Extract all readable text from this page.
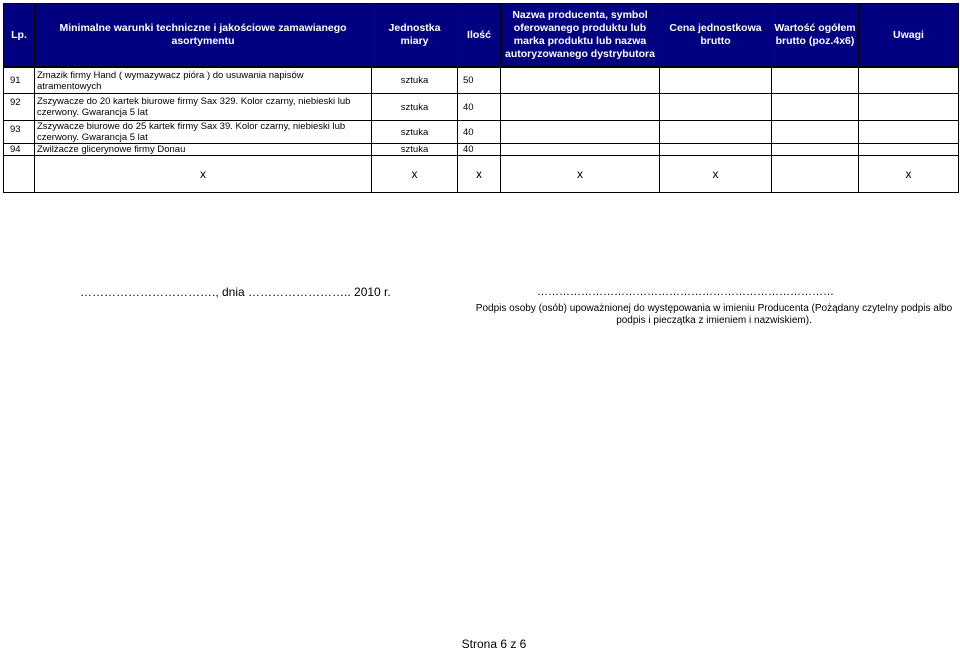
Lp.	Minimalne warunki techniczne i jakościowe zamawianego asortymentu	Jednostka miary	Ilość	Nazwa producenta, symbol oferowanego produktu lub marka produktu lub nazwa autoryzowanego dystrybutora	Cena jednostkowa brutto	Wartość ogółem brutto (poz.4x6)	Uwagi
91	Zmazik firmy Hand ( wymazywacz pióra ) do usuwania napisów atramentowych	sztuka	50				
92	Zszywacze do 20 kartek biurowe firmy Sax 329. Kolor czarny, niebieski lub czerwony. Gwarancja 5 lat	sztuka	40				
93	Zszywacze biurowe do 25 kartek firmy Sax 39. Kolor czarny, niebieski lub czerwony. Gwarancja 5 lat	sztuka	40				
94	Zwilżacze glicerynowe firmy Donau	sztuka	40				
	x	x	x	x	x		x
……………………………., dnia …………………….. 2010 r.	………………………………………………………………………
Podpis osoby (osób) upoważnionej do występowania w imieniu Producenta (Pożądany czytelny podpis albo podpis i pieczątka z imieniem i nazwiskiem).
Strona 6 z 6
